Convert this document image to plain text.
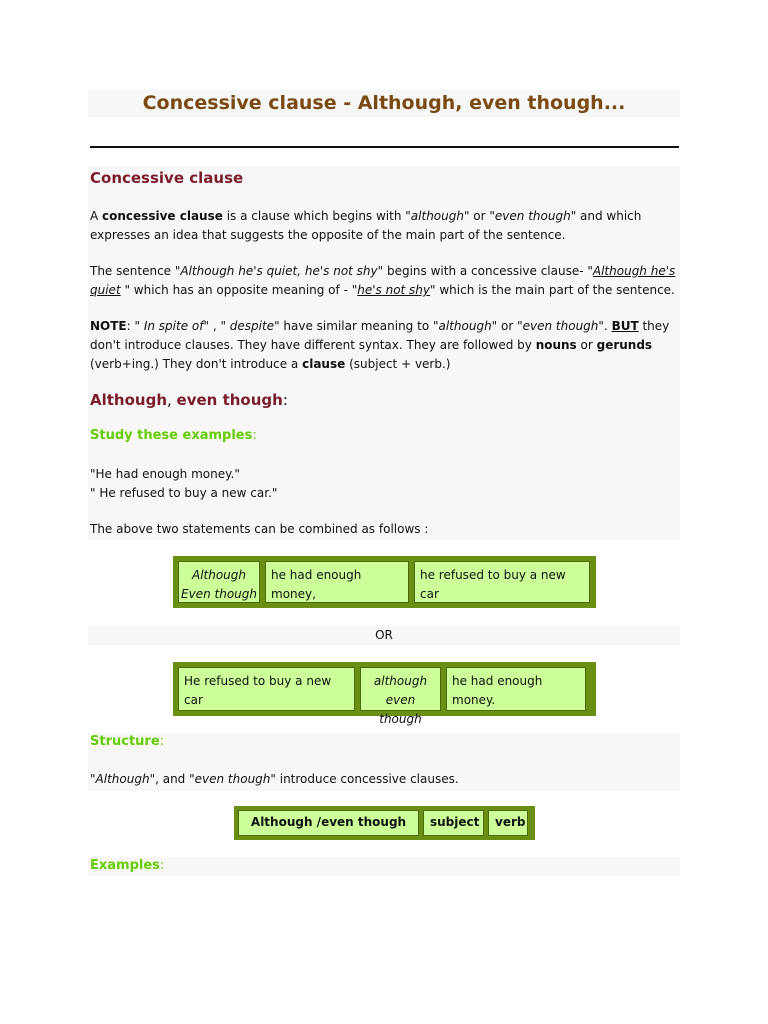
Concessive clause - Although, even though...
Concessive clause
A concessive clause is a clause which begins with "although" or "even though" and which expresses an idea that suggests the opposite of the main part of the sentence.
The sentence "Although he's quiet, he's not shy" begins with a concessive clause- "Although he's quiet " which has an opposite meaning of - "he's not shy" which is the main part of the sentence.
NOTE: " In spite of" , " despite" have similar meaning to "although" or "even though". BUT they don't introduce clauses. They have different syntax. They are followed by nouns or gerunds (verb+ing.) They don't introduce a clause (subject + verb.)
Although, even though:
Study these examples:
"He had enough money."
" He refused to buy a new car."
The above two statements can be combined as follows :
Although
Even though
he had enough money,
he refused to buy a new car
OR
He refused to buy a new car
although
even though
he had enough money.
Structure:
"Although", and "even though" introduce concessive clauses.
Although /even though	subject	verb
Examples:
